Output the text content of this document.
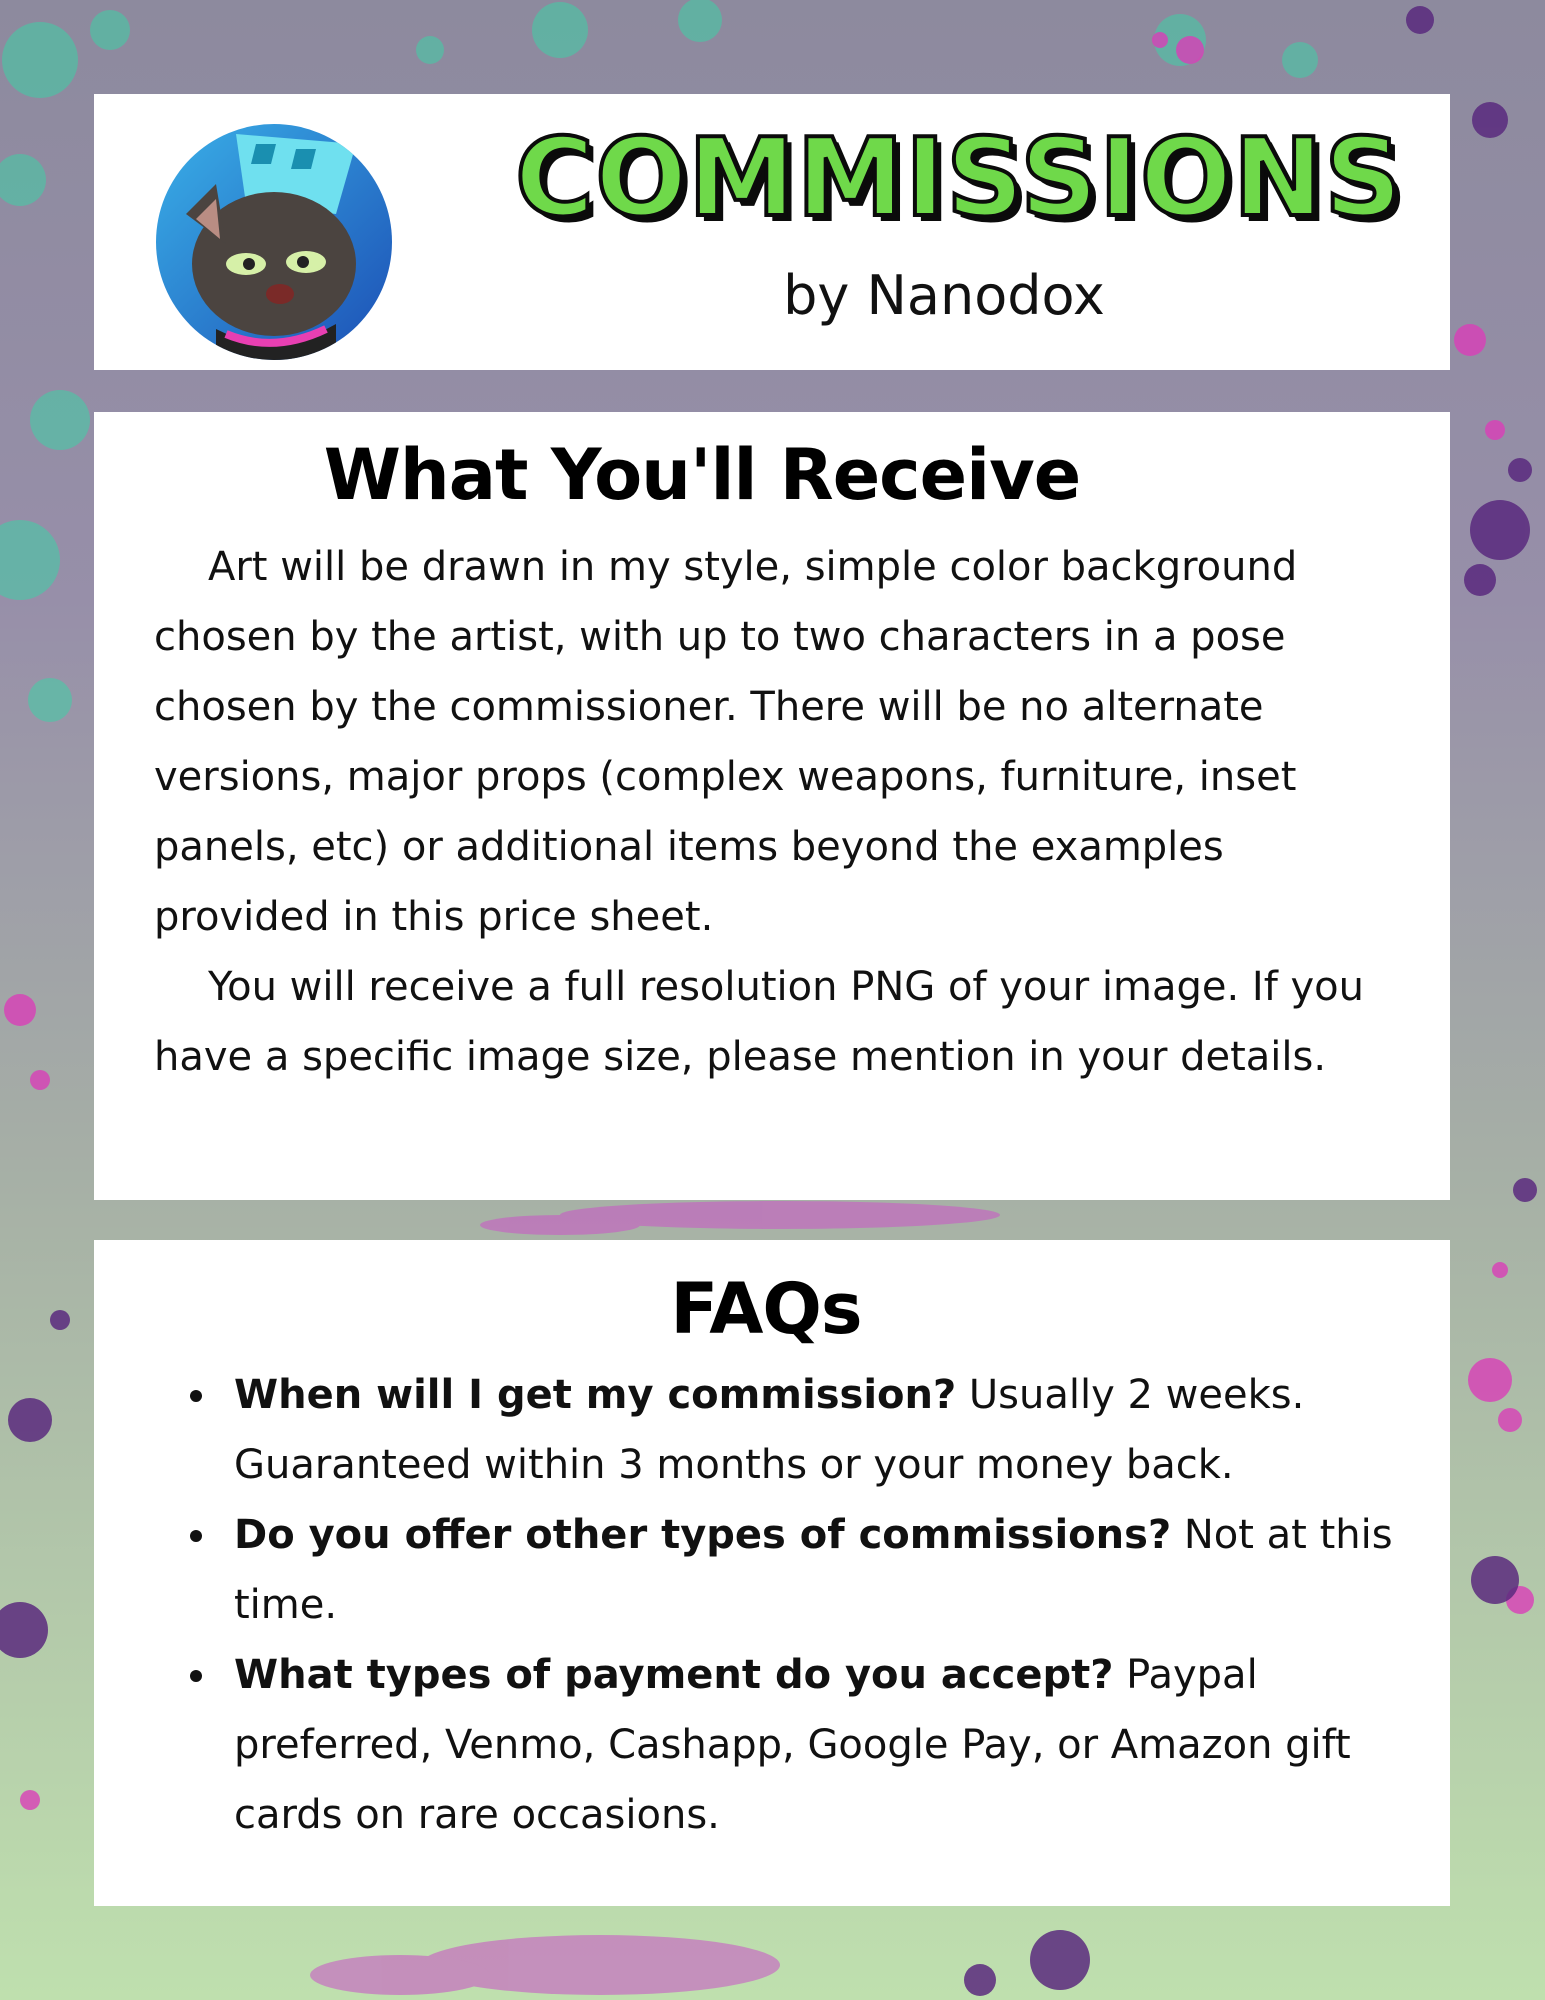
COMMISSIONS
by Nanodox
What You'll Receive

Art will be drawn in my style, simple color background chosen by the artist, with up to two characters in a pose chosen by the commissioner. There will be no alternate versions, major props (complex weapons, furniture, inset panels, etc) or additional items beyond the examples provided in this price sheet.

You will receive a full resolution PNG of your image. If you have a specific image size, please mention in your details.

FAQs
When will I get my commission? Usually 2 weeks. Guaranteed within 3 months or your money back.
Do you offer other types of commissions? Not at this time.
What types of payment do you accept? Paypal preferred, Venmo, Cashapp, Google Pay, or Amazon gift cards on rare occasions.
